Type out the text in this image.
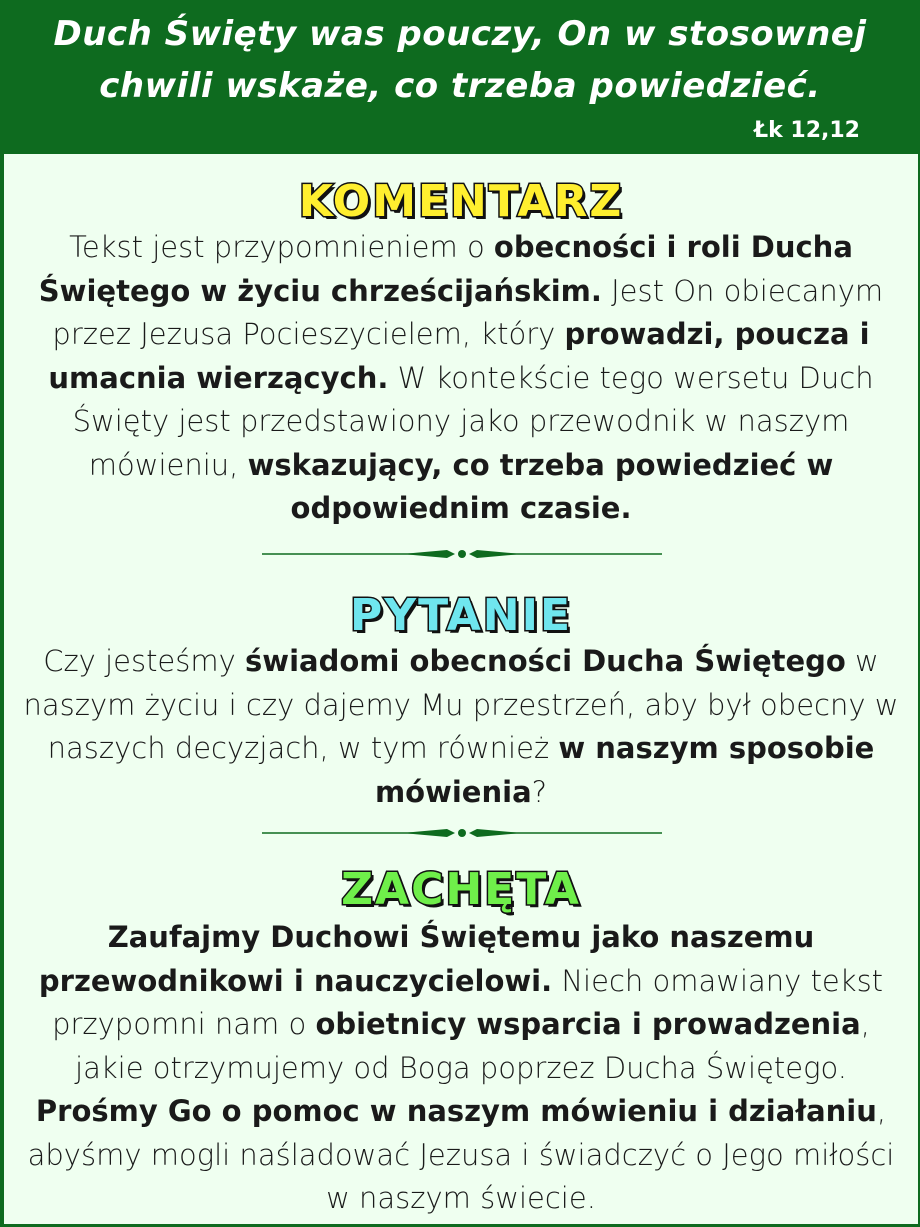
Duch Święty was pouczy, On w stosownej
chwili wskaże, co trzeba powiedzieć.
Łk 12,12
KOMENTARZ
Tekst jest przypomnieniem o obecności i roli Ducha Świętego w życiu chrześcijańskim. Jest On obiecanym przez Jezusa Pocieszycielem, który prowadzi, poucza i umacnia wierzących. W kontekście tego wersetu Duch Święty jest przedstawiony jako przewodnik w naszym mówieniu, wskazujący, co trzeba powiedzieć w odpowiednim czasie.
PYTANIE
Czy jesteśmy świadomi obecności Ducha Świętego w naszym życiu i czy dajemy Mu przestrzeń, aby był obecny w naszych decyzjach, w tym również w naszym sposobie mówienia?
ZACHĘTA
Zaufajmy Duchowi Świętemu jako naszemu przewodnikowi i nauczycielowi. Niech omawiany tekst przypomni nam o obietnicy wsparcia i prowadzenia, jakie otrzymujemy od Boga poprzez Ducha Świętego. Prośmy Go o pomoc w naszym mówieniu i działaniu, abyśmy mogli naśladować Jezusa i świadczyć o Jego miłości w naszym świecie.
